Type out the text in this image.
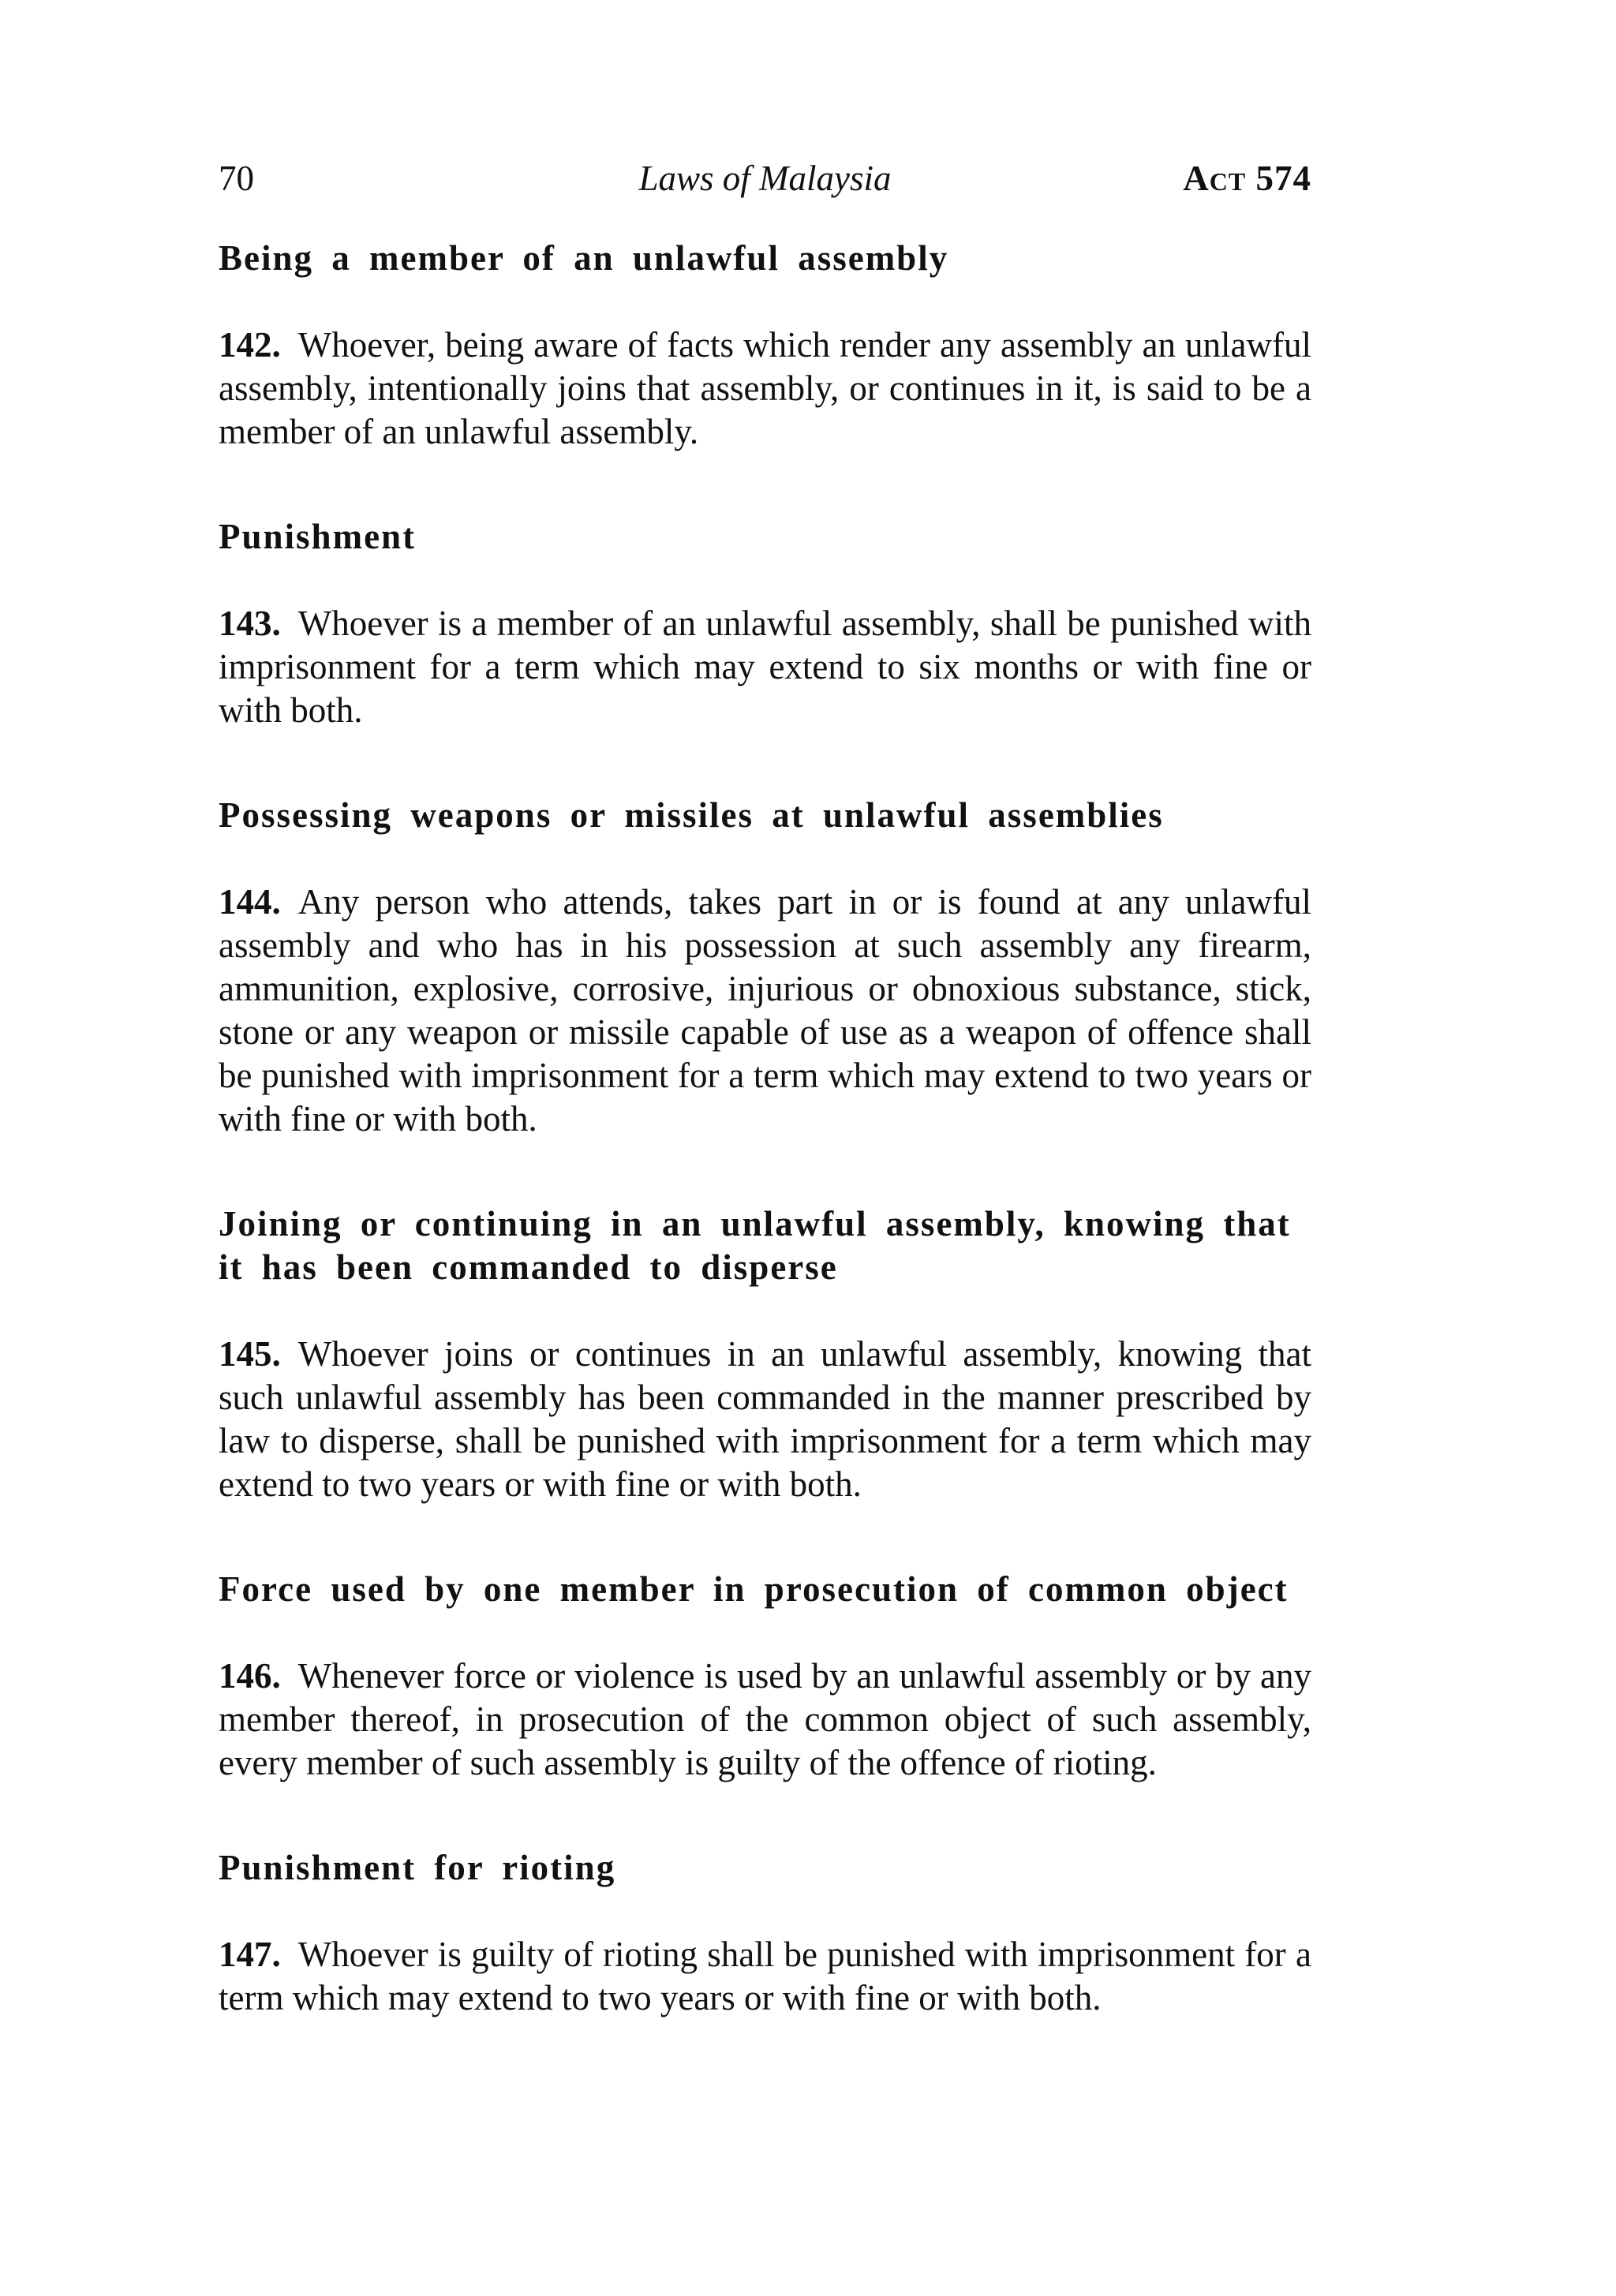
70	Laws of Malaysia	Act 574

Being a member of an unlawful assembly

142. Whoever, being aware of facts which render any assembly an unlawful assembly, intentionally joins that assembly, or continues in it, is said to be a member of an unlawful assembly.

Punishment

143. Whoever is a member of an unlawful assembly, shall be punished with imprisonment for a term which may extend to six months or with fine or with both.

Possessing weapons or missiles at unlawful assemblies

144. Any person who attends, takes part in or is found at any unlawful assembly and who has in his possession at such assembly any firearm, ammunition, explosive, corrosive, injurious or obnoxious substance, stick, stone or any weapon or missile capable of use as a weapon of offence shall be punished with imprisonment for a term which may extend to two years or with fine or with both.

Joining or continuing in an unlawful assembly, knowing that it has been commanded to disperse

145. Whoever joins or continues in an unlawful assembly, knowing that such unlawful assembly has been commanded in the manner prescribed by law to disperse, shall be punished with imprisonment for a term which may extend to two years or with fine or with both.

Force used by one member in prosecution of common object

146. Whenever force or violence is used by an unlawful assembly or by any member thereof, in prosecution of the common object of such assembly, every member of such assembly is guilty of the offence of rioting.

Punishment for rioting

147. Whoever is guilty of rioting shall be punished with imprisonment for a term which may extend to two years or with fine or with both.
